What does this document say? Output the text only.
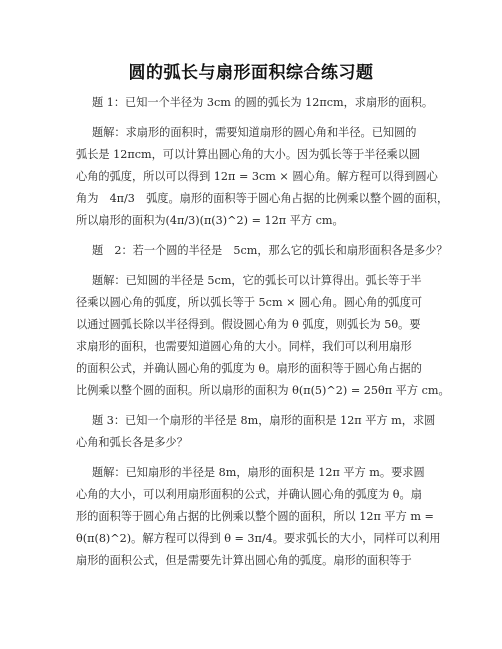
圆的弧长与扇形面积综合练习题
题 1：已知一个半径为 3cm 的圆的弧长为 12πcm，求扇形的面积。
题解：求扇形的面积时，需要知道扇形的圆心角和半径。已知圆的
弧长是 12πcm，可以计算出圆心角的大小。因为弧长等于半径乘以圆
心角的弧度，所以可以得到 12π = 3cm × 圆心角。解方程可以得到圆心
角为　4π/3　弧度。扇形的面积等于圆心角占据的比例乘以整个圆的面积，
所以扇形的面积为(4π/3)(π(3)^2) = 12π 平方 cm。
题　2：若一个圆的半径是　5cm，那么它的弧长和扇形面积各是多少？
题解：已知圆的半径是 5cm，它的弧长可以计算得出。弧长等于半
径乘以圆心角的弧度，所以弧长等于 5cm × 圆心角。圆心角的弧度可
以通过圆弧长除以半径得到。假设圆心角为 θ 弧度，则弧长为 5θ。要
求扇形的面积，也需要知道圆心角的大小。同样，我们可以利用扇形
的面积公式，并确认圆心角的弧度为 θ。扇形的面积等于圆心角占据的
比例乘以整个圆的面积。所以扇形的面积为 θ(π(5)^2) = 25θπ 平方 cm。
题 3：已知一个扇形的半径是 8m，扇形的面积是 12π 平方 m，求圆
心角和弧长各是多少？
题解：已知扇形的半径是 8m，扇形的面积是 12π 平方 m。要求圆
心角的大小，可以利用扇形面积的公式，并确认圆心角的弧度为 θ。扇
形的面积等于圆心角占据的比例乘以整个圆的面积，所以 12π 平方 m =
θ(π(8)^2)。解方程可以得到 θ = 3π/4。要求弧长的大小，同样可以利用
扇形的面积公式，但是需要先计算出圆心角的弧度。扇形的面积等于
